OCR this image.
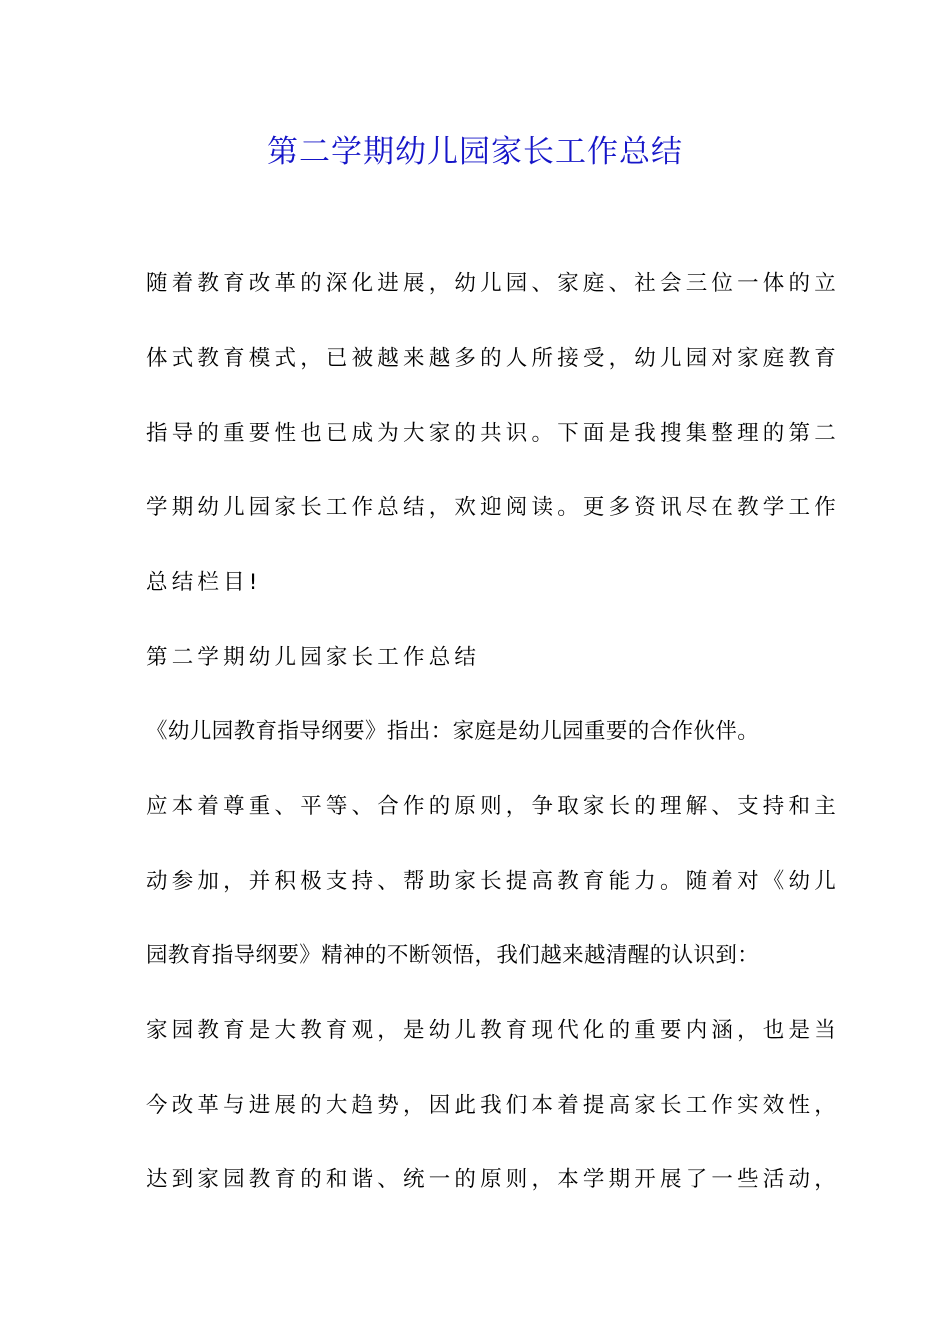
第二学期幼儿园家长工作总结
随着教育改革的深化进展，幼儿园、家庭、社会三位一体的立
体式教育模式，已被越来越多的人所接受，幼儿园对家庭教育
指导的重要性也已成为大家的共识。下面是我搜集整理的第二
学期幼儿园家长工作总结，欢迎阅读。更多资讯尽在教学工作
总结栏目!
第二学期幼儿园家长工作总结
《幼儿园教育指导纲要》指出：家庭是幼儿园重要的合作伙伴。
应本着尊重、平等、合作的原则，争取家长的理解、支持和主
动参加，并积极支持、帮助家长提高教育能力。随着对《幼儿
园教育指导纲要》精神的不断领悟，我们越来越清醒的认识到：
家园教育是大教育观，是幼儿教育现代化的重要内涵，也是当
今改革与进展的大趋势，因此我们本着提高家长工作实效性，
达到家园教育的和谐、统一的原则，本学期开展了一些活动，
